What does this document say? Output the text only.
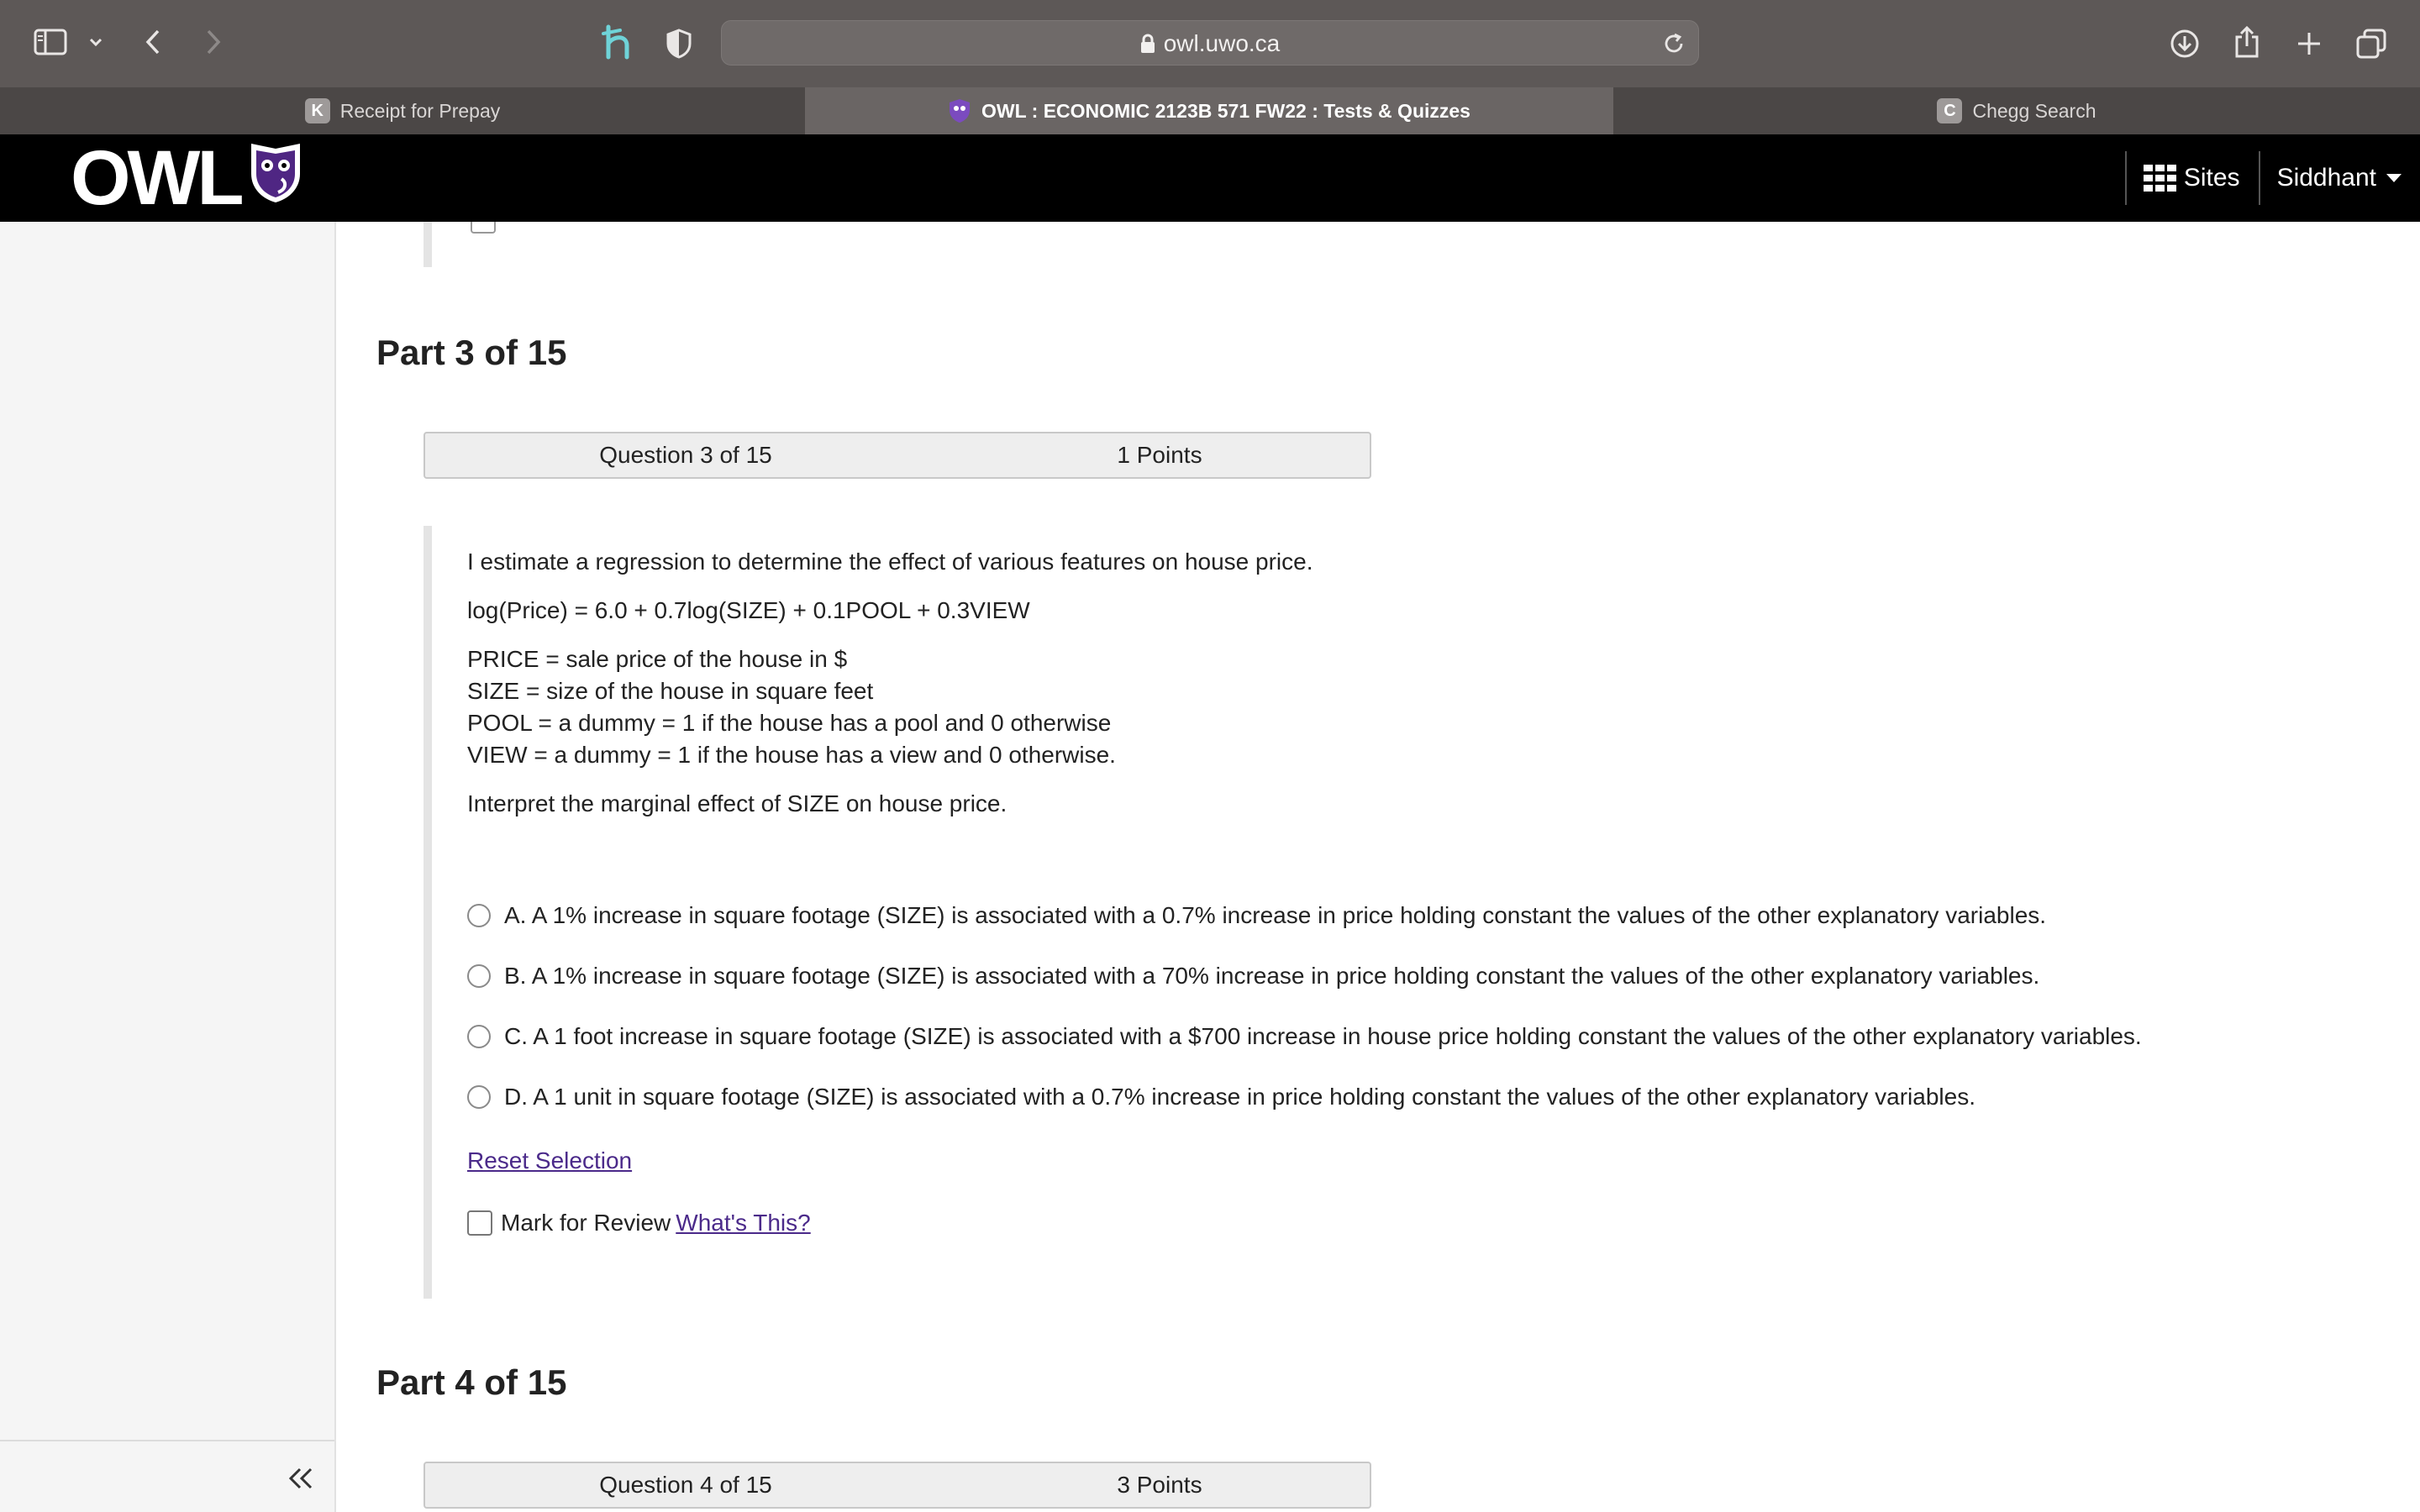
owl.uwo.ca
K Receipt for Prepay	OWL : ECONOMIC 2123B 571 FW22 : Tests & Quizzes	C Chegg Search
OWL	Sites Siddhant
Part 3 of 15
Question 3 of 15	1 Points
I estimate a regression to determine the effect of various features on house price.
log(Price) = 6.0 + 0.7log(SIZE) + 0.1POOL + 0.3VIEW
PRICE = sale price of the house in $
SIZE = size of the house in square feet
POOL = a dummy = 1 if the house has a pool and 0 otherwise
VIEW = a dummy = 1 if the house has a view and 0 otherwise.
Interpret the marginal effect of SIZE on house price.
A. A 1% increase in square footage (SIZE) is associated with a 0.7% increase in price holding constant the values of the other explanatory variables.
B. A 1% increase in square footage (SIZE) is associated with a 70% increase in price holding constant the values of the other explanatory variables.
C. A 1 foot increase in square footage (SIZE) is associated with a $700 increase in house price holding constant the values of the other explanatory variables.
D. A 1 unit in square footage (SIZE) is associated with a 0.7% increase in price holding constant the values of the other explanatory variables.
Reset Selection
Mark for Review What's This?
Part 4 of 15
Question 4 of 15	3 Points
